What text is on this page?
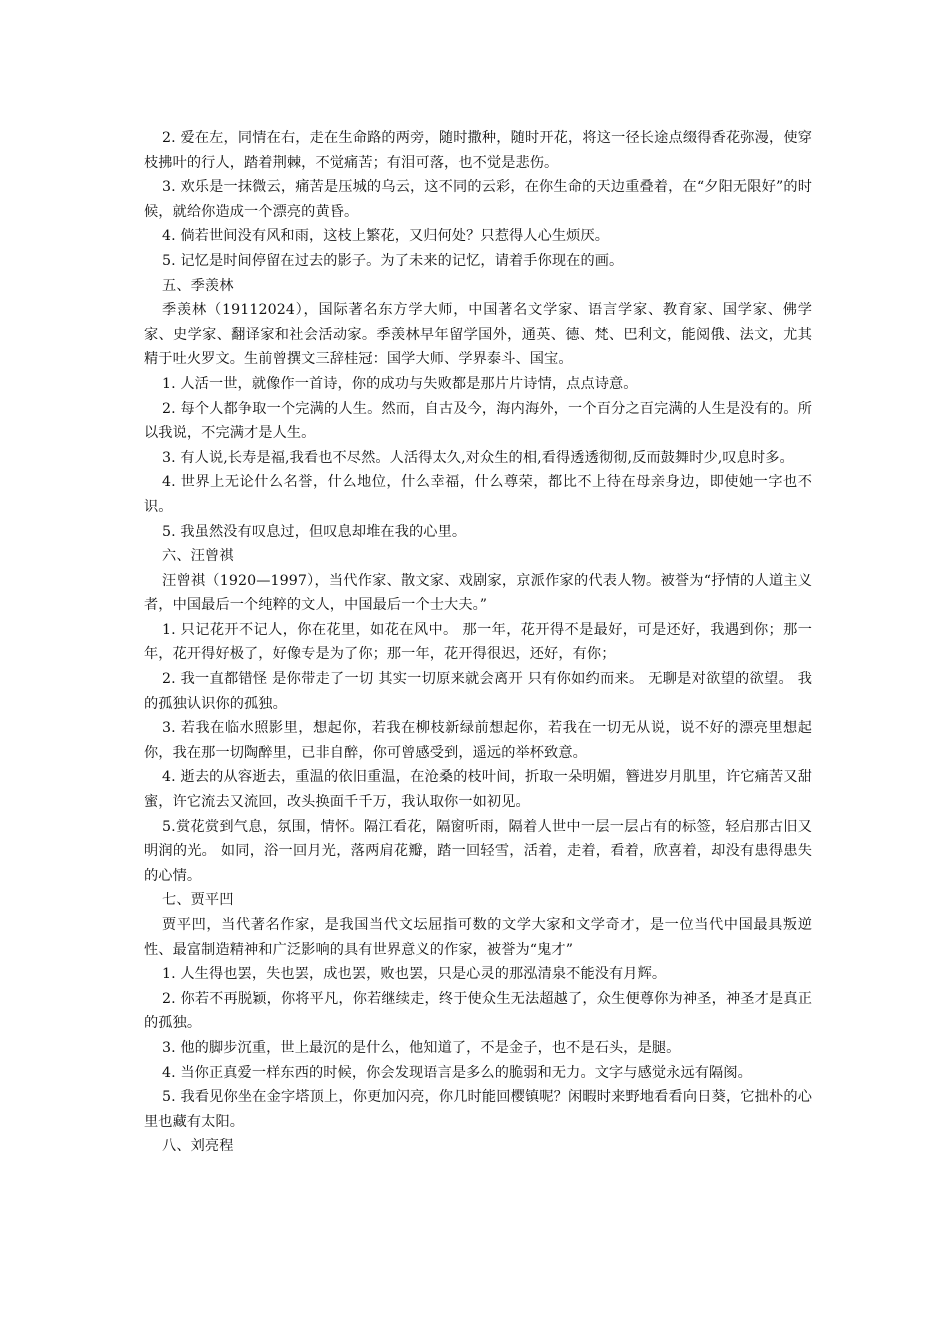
2. 爱在左，同情在右，走在生命路的两旁，随时撒种，随时开花，将这一径长途点缀得香花弥漫，使穿枝拂叶的行人，踏着荆棘，不觉痛苦；有泪可落，也不觉是悲伤。

3. 欢乐是一抹微云，痛苦是压城的乌云，这不同的云彩，在你生命的天边重叠着，在“夕阳无限好”的时候，就给你造成一个漂亮的黄昏。

4. 倘若世间没有风和雨，这枝上繁花，又归何处？只惹得人心生烦厌。

5. 记忆是时间停留在过去的影子。为了未来的记忆，请着手你现在的画。

五、季羡林

季羡林（19112024），国际著名东方学大师，中国著名文学家、语言学家、教育家、国学家、佛学家、史学家、翻译家和社会活动家。季羡林早年留学国外，通英、德、梵、巴利文，能阅俄、法文，尤其精于吐火罗文。生前曾撰文三辞桂冠：国学大师、学界泰斗、国宝。

1. 人活一世，就像作一首诗，你的成功与失败都是那片片诗情，点点诗意。

2. 每个人都争取一个完满的人生。然而，自古及今，海内海外，一个百分之百完满的人生是没有的。所以我说，不完满才是人生。

3. 有人说,长寿是福,我看也不尽然。人活得太久,对众生的相,看得透透彻彻,反而鼓舞时少,叹息时多。

4. 世界上无论什么名誉，什么地位，什么幸福，什么尊荣，都比不上待在母亲身边，即使她一字也不识。

5. 我虽然没有叹息过，但叹息却堆在我的心里。

六、汪曾祺

汪曾祺（1920—1997），当代作家、散文家、戏剧家，京派作家的代表人物。被誉为“抒情的人道主义者，中国最后一个纯粹的文人，中国最后一个士大夫。”

1. 只记花开不记人，你在花里，如花在风中。 那一年，花开得不是最好，可是还好，我遇到你；那一年，花开得好极了，好像专是为了你；那一年，花开得很迟，还好，有你；

2. 我一直都错怪 是你带走了一切 其实一切原来就会离开 只有你如约而来。 无聊是对欲望的欲望。 我的孤独认识你的孤独。

3. 若我在临水照影里，想起你，若我在柳枝新绿前想起你，若我在一切无从说，说不好的漂亮里想起你，我在那一切陶醉里，已非自醉，你可曾感受到，遥远的举杯致意。

4. 逝去的从容逝去，重温的依旧重温，在沧桑的枝叶间，折取一朵明媚，簪进岁月肌里，许它痛苦又甜蜜，许它流去又流回，改头换面千千万，我认取你一如初见。

5.赏花赏到气息，氛围，情怀。隔江看花，隔窗听雨，隔着人世中一层一层占有的标签，轻启那古旧又明润的光。 如同，浴一回月光，落两肩花瓣，踏一回轻雪，活着，走着，看着，欣喜着，却没有患得患失的心情。

七、贾平凹

贾平凹，当代著名作家，是我国当代文坛屈指可数的文学大家和文学奇才，是一位当代中国最具叛逆性、最富制造精神和广泛影响的具有世界意义的作家，被誉为“鬼才”

1. 人生得也罢，失也罢，成也罢，败也罢，只是心灵的那泓清泉不能没有月辉。

2. 你若不再脱颖，你将平凡，你若继续走，终于使众生无法超越了，众生便尊你为神圣，神圣才是真正的孤独。

3. 他的脚步沉重，世上最沉的是什么，他知道了，不是金子，也不是石头，是腿。

4. 当你正真爱一样东西的时候，你会发现语言是多么的脆弱和无力。文字与感觉永远有隔阂。

5. 我看见你坐在金字塔顶上，你更加闪亮，你几时能回樱镇呢？闲暇时来野地看看向日葵，它拙朴的心里也藏有太阳。

八、刘亮程
